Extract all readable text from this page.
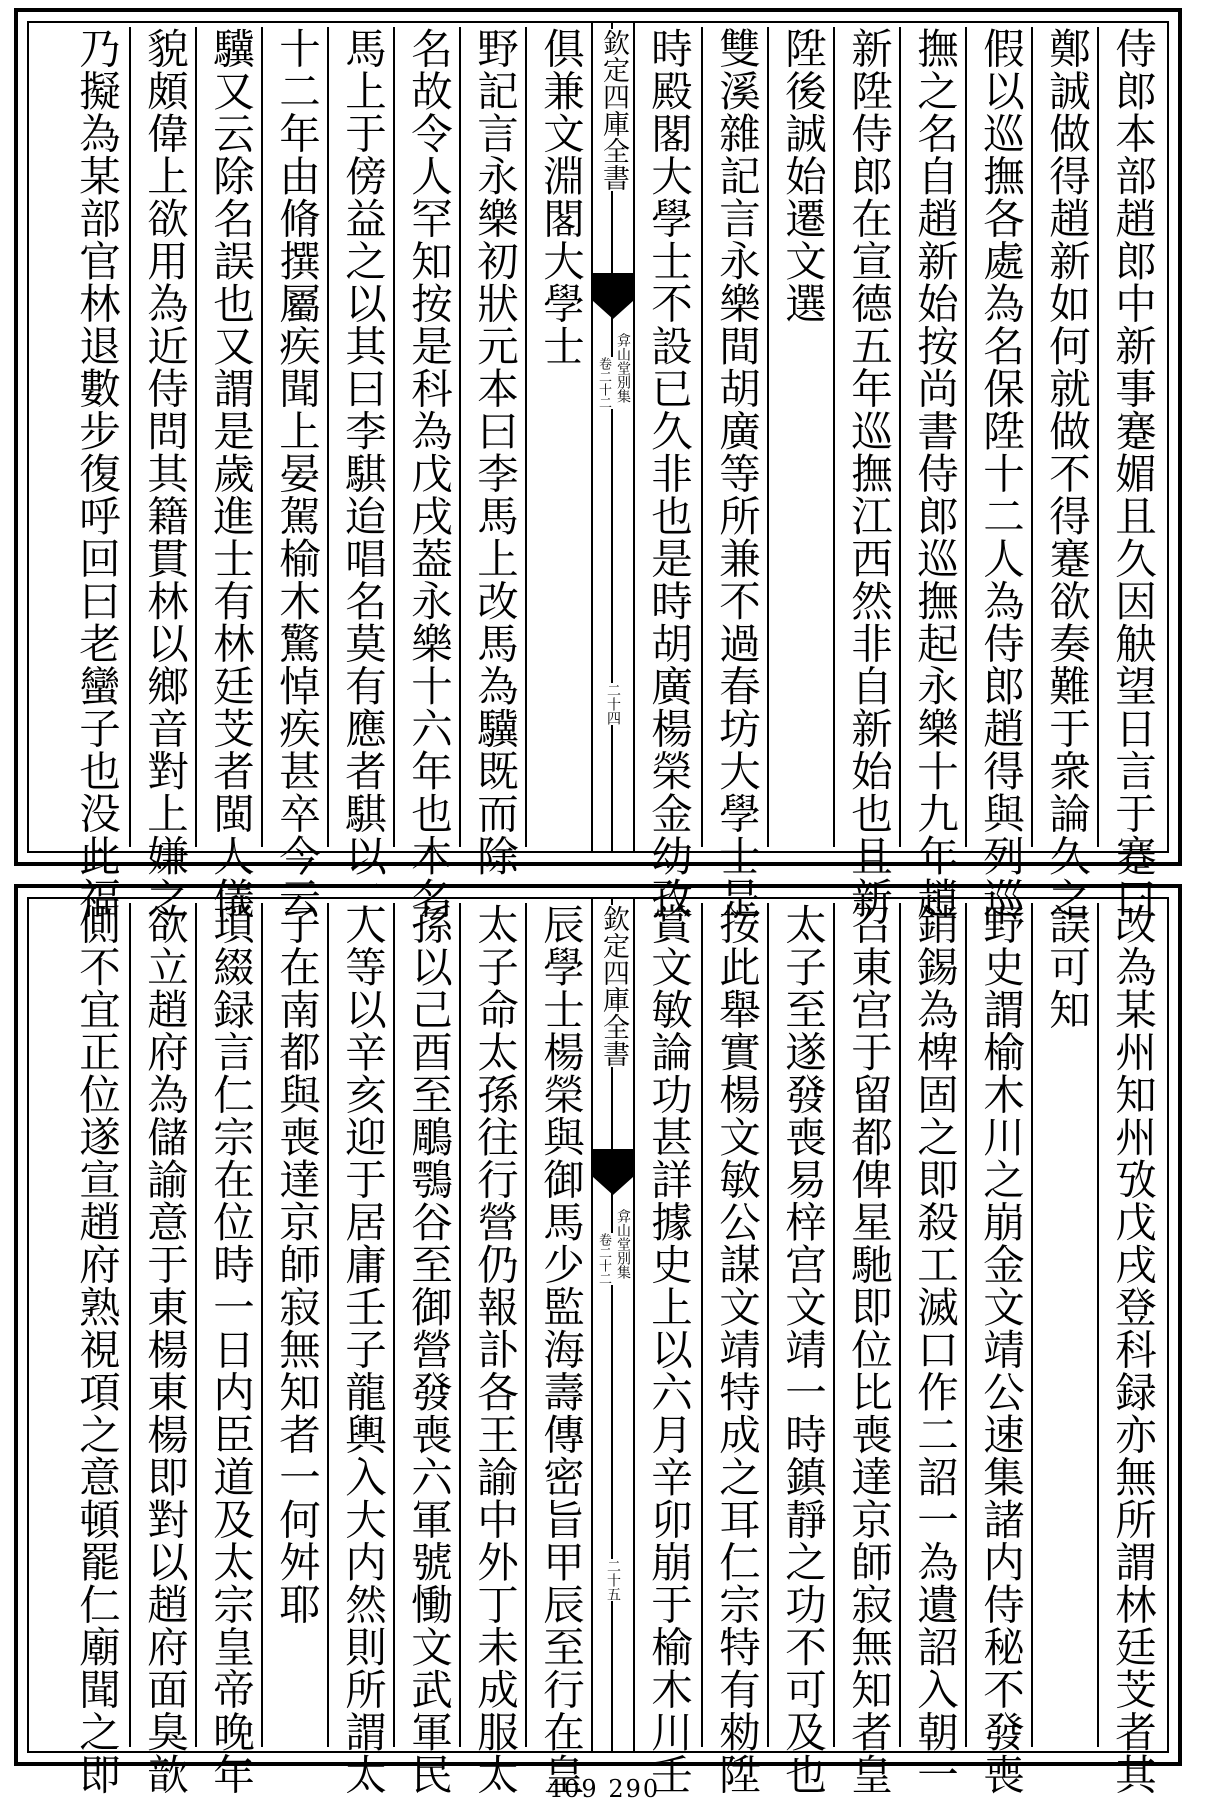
侍郎本部趙郎中新事蹇媚且久因觖望日言于蹇曰
鄭誠做得趙新如何就做不得蹇欲奏難于衆論久之
假以巡撫各處為名保陞十二人為侍郎趙得與列巡
撫之名自趙新始按尚書侍郎巡撫起永樂十九年趙
新陞侍郎在宣德五年巡撫江西然非自新始也且新
陞後誠始遷文選
雙溪雜記言永樂間胡廣等所兼不過春坊大學士是
時殿閣大學士不設已久非也是時胡廣楊榮金幼孜
欽定四庫全書
弇山堂別集
卷二十二
二十四
俱兼文淵閣大學士
野記言永樂初狀元本曰李馬上改馬為驥既而除
名故令人罕知按是科為戊戌葢永樂十六年也本名
馬上于傍益之以其曰李騏迨唱名莫有應者騏以二
十二年由脩撰屬疾聞上晏駕榆木驚悼疾甚卒今云
驥又云除名誤也又謂是歲進士有林廷芠者閩人儀
貌頗偉上欲用為近侍問其籍貫林以鄉音對上嫌之
乃擬為某部官林退數步復呼回曰老蠻子也没此福
改為某州知州攷戊戌登科録亦無所謂林廷芠者其
誤可知
野史謂榆木川之崩金文靖公速集諸内侍秘不發喪
銷錫為椑固之即殺工滅口作二詔一為遺詔入朝一
召東宫于留都俾星馳即位比喪達京師寂無知者皇
太子至遂發喪易梓宫文靖一時鎮靜之功不可及也
按此舉實楊文敏公謀文靖特成之耳仁宗特有勑陞
賞文敏論功甚詳據史上以六月辛卯崩于榆木川壬
欽定四庫全書
弇山堂別集
卷二十二
二十五
辰學士楊榮與御馬少監海壽傳密旨甲辰至行在皇
太子命太孫往行營仍報訃各王諭中外丁未成服太
孫以己酉至鵰鶚谷至御營發喪六軍號慟文武軍民
人等以辛亥迎于居庸壬子龍輿入大内然則所謂太
子在南都與喪達京師寂無知者一何舛耶
瑣綴録言仁宗在位時一日内臣道及太宗皇帝晚年
欲立趙府為儲諭意于東楊東楊即對以趙府面臭歆
側不宜正位遂宣趙府熟視項之意頓罷仁廟聞之即	409 290
